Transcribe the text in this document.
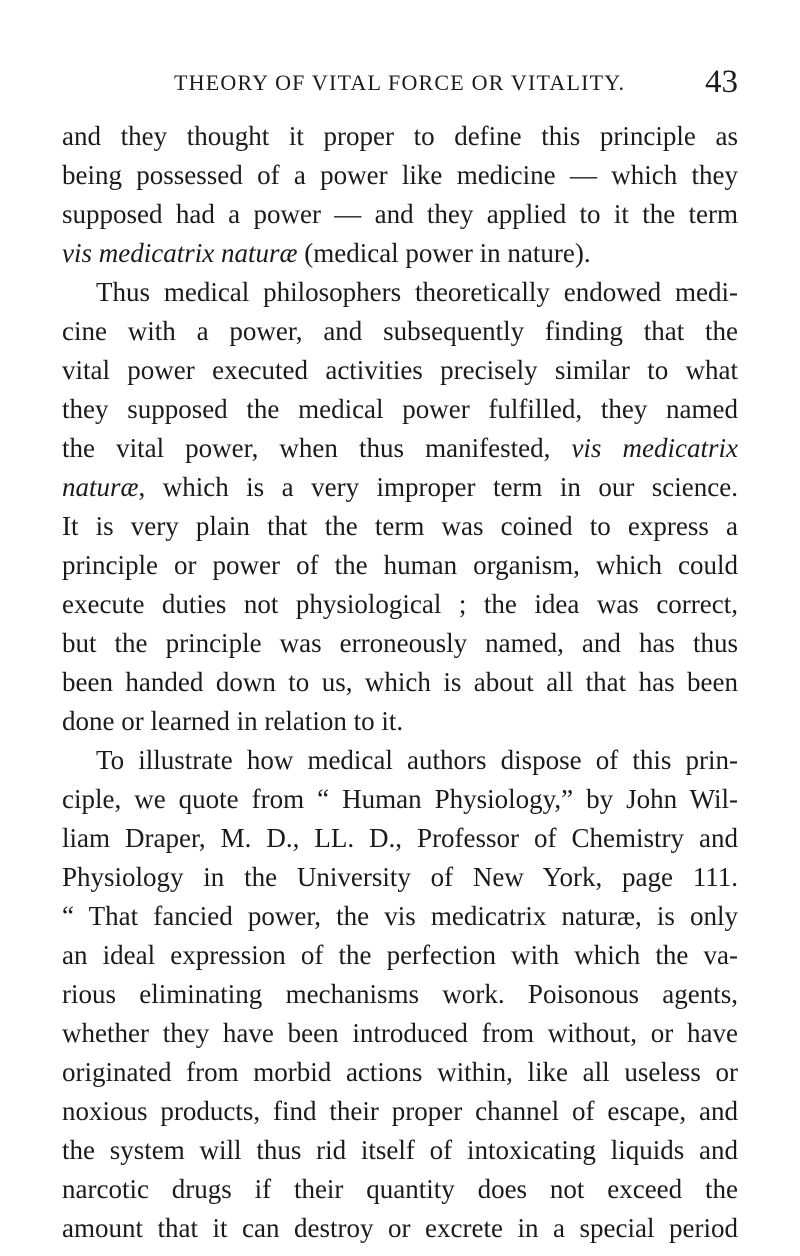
THEORY OF VITAL FORCE OR VITALITY. 43
and they thought it proper to define this principle as
being possessed of a power like medicine — which they
supposed had a power — and they applied to it the term
vis medicatrix naturæ (medical power in nature).
Thus medical philosophers theoretically endowed medi-
cine with a power, and subsequently finding that the
vital power executed activities precisely similar to what
they supposed the medical power fulfilled, they named
the vital power, when thus manifested, vis medicatrix
naturæ, which is a very improper term in our science.
It is very plain that the term was coined to express a
principle or power of the human organism, which could
execute duties not physiological ; the idea was correct,
but the principle was erroneously named, and has thus
been handed down to us, which is about all that has been
done or learned in relation to it.
To illustrate how medical authors dispose of this prin-
ciple, we quote from “ Human Physiology,” by John Wil-
liam Draper, M. D., LL. D., Professor of Chemistry and
Physiology in the University of New York, page 111.
“ That fancied power, the vis medicatrix naturæ, is only
an ideal expression of the perfection with which the va-
rious eliminating mechanisms work. Poisonous agents,
whether they have been introduced from without, or have
originated from morbid actions within, like all useless or
noxious products, find their proper channel of escape, and
the system will thus rid itself of intoxicating liquids and
narcotic drugs if their quantity does not exceed the
amount that it can destroy or excrete in a special period
